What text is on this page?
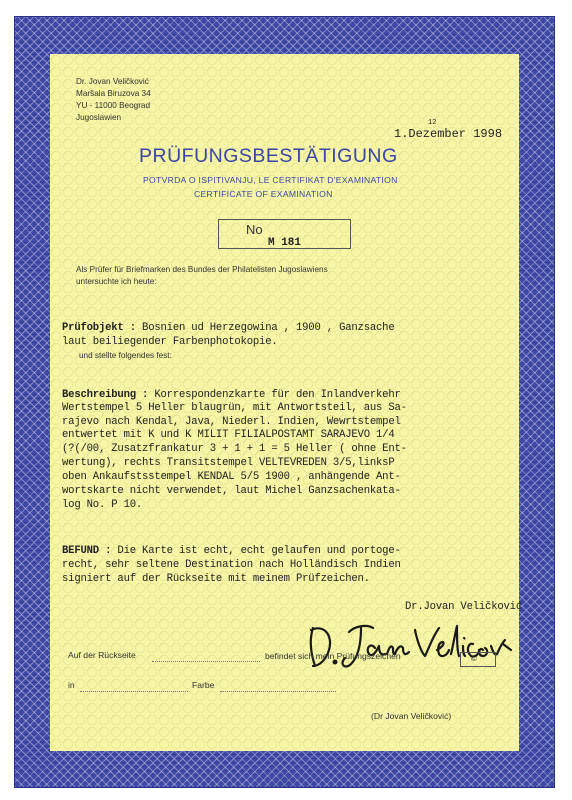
Dr. Jovan Veličković
Maršala Biruzova 34
YU - 11000 Beograd
Jugoslawien
12
1.Dezember 1998
PRÜFUNGSBESTÄTIGUNG
POTVRDA O ISPITIVANJU, LE CERTIFIKAT D'EXAMINATION
CERTIFICATE OF EXAMINATION
No
M 181
Als Prüfer für Briefmarken des Bundes der Philatelisten Jugoslawiens
untersuchte ich heute:
Prüfobjekt : Bosnien ud Herzegowina , 1900 , Ganzsache
laut beiliegender Farbenphotokopie.
und stellte folgendes fest:
Beschreibung : Korrespondenzkarte für den Inlandverkehr
Wertstempel 5 Heller blaugrün, mit Antwortsteil, aus Sa-
rajevo nach Kendal, Java, Niederl. Indien, Wewrtstempel
entwertet mit K und K MILIT FILIALPOSTAMT SARAJEVO 1/4
(?(/00, Zusatzfrankatur 3 + 1 + 1 = 5 Heller ( ohne Ent-
wertung), rechts Transitstempel VELTEVREDEN 3/5,linksP
oben Ankaufstsstempel KENDAL 5/5 1900 , anhängende Ant-
wortskarte nicht verwendet, laut Michel Ganzsachenkata-
log No. P 10.
BEFUND : Die Karte ist echt, echt gelaufen und portoge-
recht, sehr seltene Destination nach Holländisch Indien
signiert auf der Rückseite mit meinem Prüfzeichen.
Dr.Jovan Veličković
Auf der Rückseite	befindet sich mein Prüfungszeichen	©
in	Farbe
(Dr Jovan Veličković)
